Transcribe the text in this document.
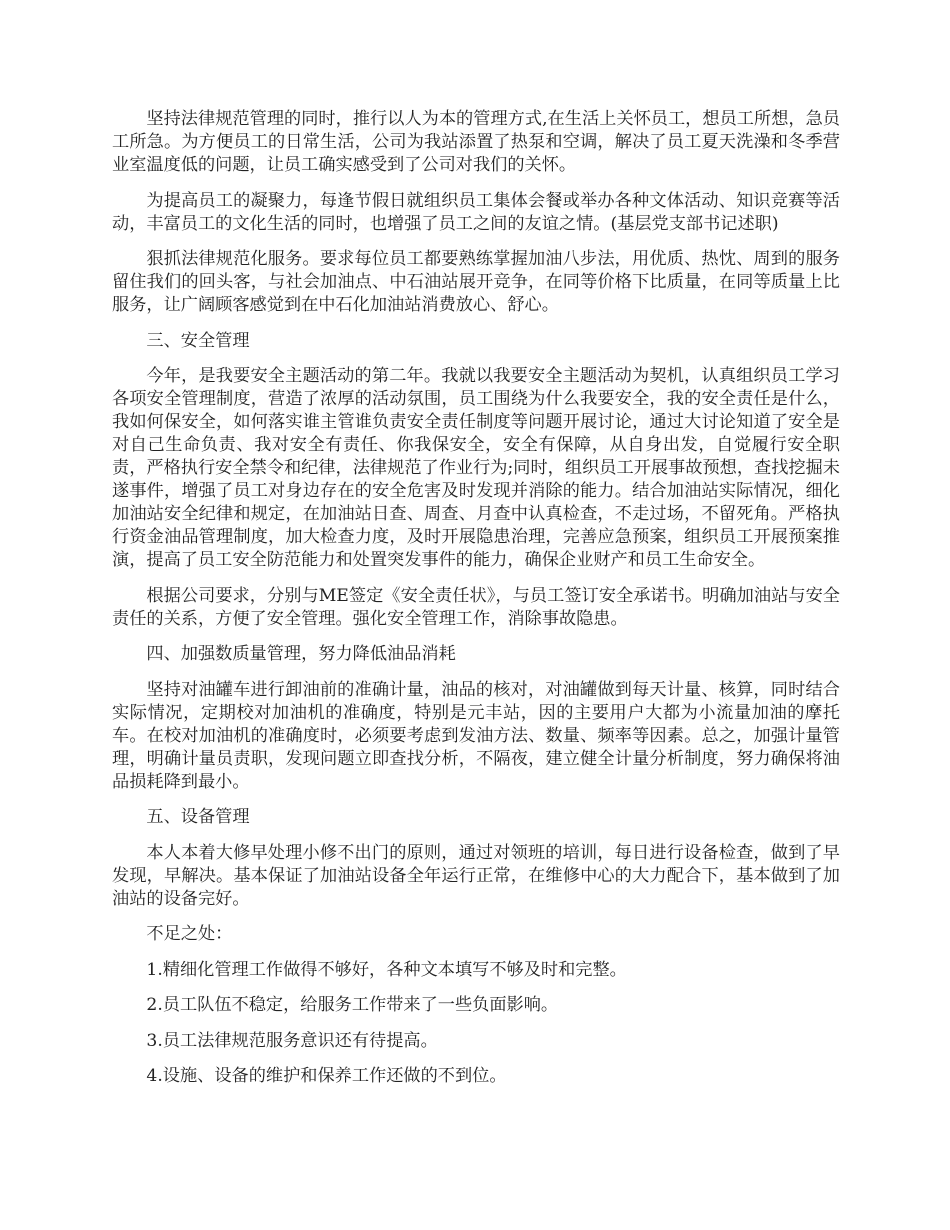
坚持法律规范管理的同时，推行以人为本的管理方式,在生活上关怀员工，想员工所想，急员工所急。为方便员工的日常生活，公司为我站添置了热泵和空调，解决了员工夏天洗澡和冬季营业室温度低的问题，让员工确实感受到了公司对我们的关怀。

为提高员工的凝聚力，每逢节假日就组织员工集体会餐或举办各种文体活动、知识竞赛等活动，丰富员工的文化生活的同时，也增强了员工之间的友谊之情。(基层党支部书记述职)

狠抓法律规范化服务。要求每位员工都要熟练掌握加油八步法，用优质、热忱、周到的服务留住我们的回头客，与社会加油点、中石油站展开竞争，在同等价格下比质量，在同等质量上比服务，让广阔顾客感觉到在中石化加油站消费放心、舒心。

三、安全管理

今年，是我要安全主题活动的第二年。我就以我要安全主题活动为契机，认真组织员工学习各项安全管理制度，营造了浓厚的活动氛围，员工围绕为什么我要安全，我的安全责任是什么，我如何保安全，如何落实谁主管谁负责安全责任制度等问题开展讨论，通过大讨论知道了安全是对自己生命负责、我对安全有责任、你我保安全，安全有保障，从自身出发，自觉履行安全职责，严格执行安全禁令和纪律，法律规范了作业行为;同时，组织员工开展事故预想，查找挖掘未遂事件，增强了员工对身边存在的安全危害及时发现并消除的能力。结合加油站实际情况，细化加油站安全纪律和规定，在加油站日查、周查、月查中认真检查，不走过场，不留死角。严格执行资金油品管理制度，加大检查力度，及时开展隐患治理，完善应急预案，组织员工开展预案推演，提高了员工安全防范能力和处置突发事件的能力，确保企业财产和员工生命安全。

根据公司要求，分别与ME签定《安全责任状》，与员工签订安全承诺书。明确加油站与安全责任的关系，方便了安全管理。强化安全管理工作，消除事故隐患。

四、加强数质量管理，努力降低油品消耗

坚持对油罐车进行卸油前的准确计量，油品的核对，对油罐做到每天计量、核算，同时结合实际情况，定期校对加油机的准确度，特别是元丰站，因的主要用户大都为小流量加油的摩托车。在校对加油机的准确度时，必须要考虑到发油方法、数量、频率等因素。总之，加强计量管理，明确计量员责职，发现问题立即查找分析，不隔夜，建立健全计量分析制度，努力确保将油品损耗降到最小。

五、设备管理

本人本着大修早处理小修不出门的原则，通过对领班的培训，每日进行设备检查，做到了早发现，早解决。基本保证了加油站设备全年运行正常，在维修中心的大力配合下，基本做到了加油站的设备完好。

不足之处：

1.精细化管理工作做得不够好，各种文本填写不够及时和完整。

2.员工队伍不稳定，给服务工作带来了一些负面影响。

3.员工法律规范服务意识还有待提高。

4.设施、设备的维护和保养工作还做的不到位。
